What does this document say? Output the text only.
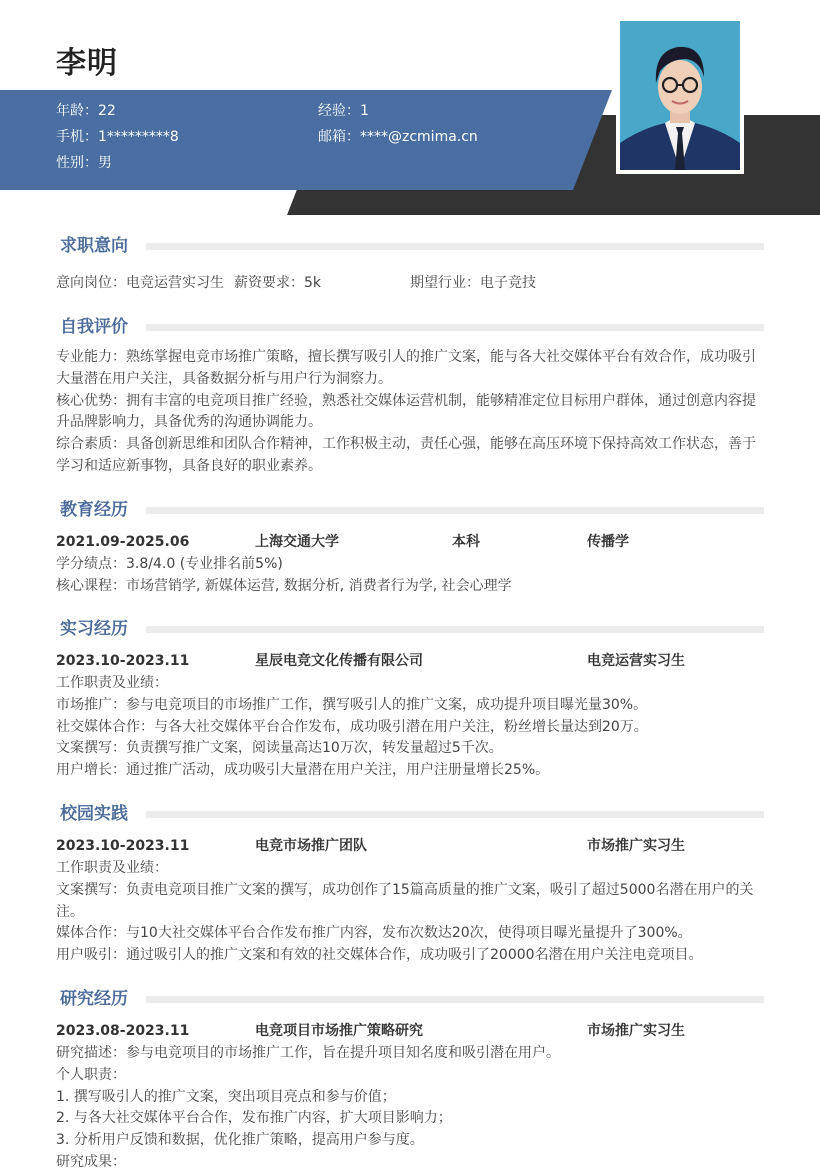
李明
年龄：22	经验：1
手机：1*********8	邮箱：****@zcmima.cn
性别：男
求职意向
意向岗位：电竞运营实习生 薪资要求：5k	期望行业：电子竞技
自我评价
专业能力：熟练掌握电竞市场推广策略，擅长撰写吸引人的推广文案，能与各大社交媒体平台有效合作，成功吸引
大量潜在用户关注，具备数据分析与用户行为洞察力。
核心优势：拥有丰富的电竞项目推广经验，熟悉社交媒体运营机制，能够精准定位目标用户群体，通过创意内容提
升品牌影响力，具备优秀的沟通协调能力。
综合素质：具备创新思维和团队合作精神，工作积极主动，责任心强，能够在高压环境下保持高效工作状态，善于
学习和适应新事物，具备良好的职业素养。
教育经历
2021.09-2025.06	上海交通大学	本科	传播学
学分绩点：3.8/4.0 (专业排名前5%)
核心课程：市场营销学, 新媒体运营, 数据分析, 消费者行为学, 社会心理学
实习经历
2023.10-2023.11	星辰电竞文化传播有限公司	电竞运营实习生
工作职责及业绩：
市场推广：参与电竞项目的市场推广工作，撰写吸引人的推广文案，成功提升项目曝光量30%。
社交媒体合作：与各大社交媒体平台合作发布，成功吸引潜在用户关注，粉丝增长量达到20万。
文案撰写：负责撰写推广文案，阅读量高达10万次，转发量超过5千次。
用户增长：通过推广活动，成功吸引大量潜在用户关注，用户注册量增长25%。
校园实践
2023.10-2023.11	电竞市场推广团队	市场推广实习生
工作职责及业绩：
文案撰写：负责电竞项目推广文案的撰写，成功创作了15篇高质量的推广文案，吸引了超过5000名潜在用户的关
注。
媒体合作：与10大社交媒体平台合作发布推广内容，发布次数达20次，使得项目曝光量提升了300%。
用户吸引：通过吸引人的推广文案和有效的社交媒体合作，成功吸引了20000名潜在用户关注电竞项目。
研究经历
2023.08-2023.11	电竞项目市场推广策略研究	市场推广实习生
研究描述：参与电竞项目的市场推广工作，旨在提升项目知名度和吸引潜在用户。
个人职责：
1. 撰写吸引人的推广文案，突出项目亮点和参与价值；
2. 与各大社交媒体平台合作，发布推广内容，扩大项目影响力；
3. 分析用户反馈和数据，优化推广策略，提高用户参与度。
研究成果：
